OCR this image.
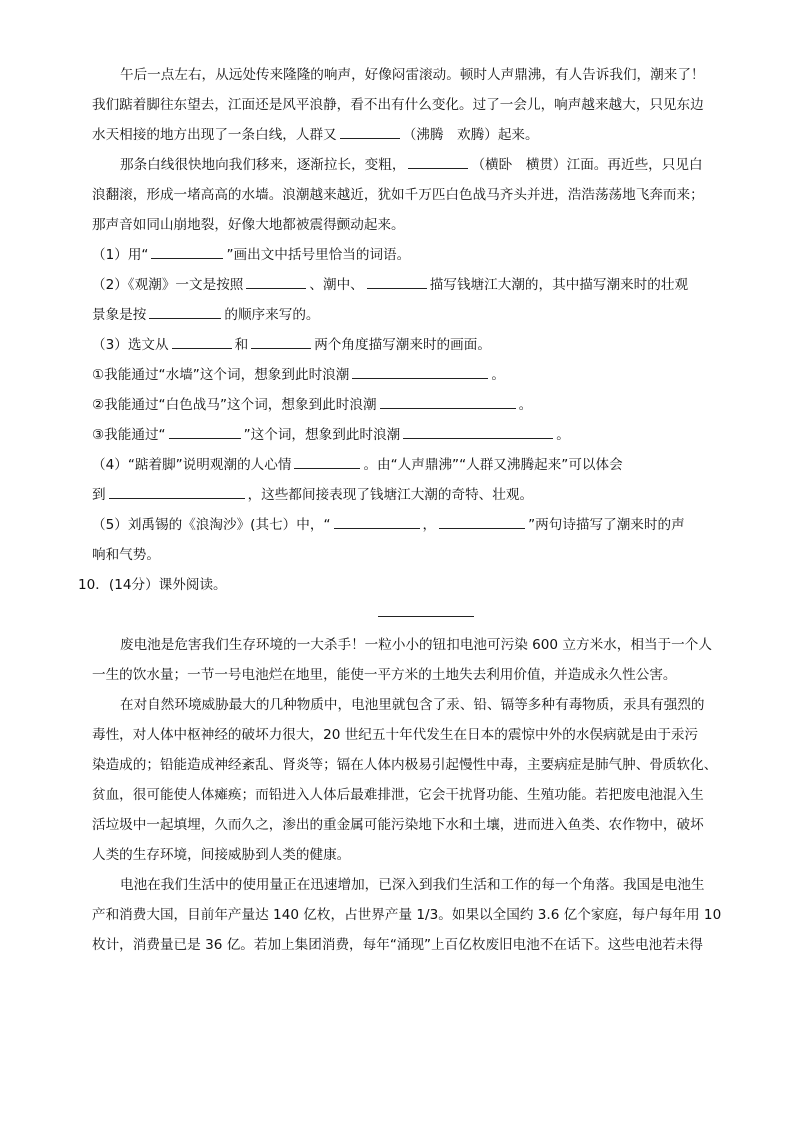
午后一点左右，从远处传来隆隆的响声，好像闷雷滚动。顿时人声鼎沸，有人告诉我们，潮来了！

我们踮着脚往东望去，江面还是风平浪静，看不出有什么变化。过了一会儿，响声越来越大，只见东边

水天相接的地方出现了一条白线，人群又	（沸腾　欢腾）起来。

那条白线很快地向我们移来，逐渐拉长，变粗，	（横卧　横贯）江面。再近些，只见白

浪翻滚，形成一堵高高的水墙。浪潮越来越近，犹如千万匹白色战马齐头并进，浩浩荡荡地飞奔而来；

那声音如同山崩地裂，好像大地都被震得颤动起来。

（1）用“	”画出文中括号里恰当的词语。

（2）《观潮》一文是按照	、潮中、	描写钱塘江大潮的，其中描写潮来时的壮观

景象是按	的顺序来写的。

（3）选文从	和	两个角度描写潮来时的画面。

①我能通过“水墙”这个词，想象到此时浪潮	。

②我能通过“白色战马”这个词，想象到此时浪潮	。

③我能通过“	”这个词，想象到此时浪潮	。

（4）“踮着脚”说明观潮的人心情	。由“人声鼎沸”“人群又沸腾起来”可以体会

到	，这些都间接表现了钱塘江大潮的奇特、壮观。

（5）刘禹锡的《浪淘沙》(其七）中，“	，	”两句诗描写了潮来时的声

响和气势。

10．(14分）课外阅读。

废电池是危害我们生存环境的一大杀手！一粒小小的钮扣电池可污染 600 立方米水，相当于一个人

一生的饮水量；一节一号电池烂在地里，能使一平方米的土地失去利用价值，并造成永久性公害。

在对自然环境威胁最大的几种物质中，电池里就包含了汞、铅、镉等多种有毒物质，汞具有强烈的

毒性，对人体中枢神经的破坏力很大，20 世纪五十年代发生在日本的震惊中外的水俣病就是由于汞污

染造成的；铅能造成神经紊乱、肾炎等；镉在人体内极易引起慢性中毒，主要病症是肺气肿、骨质软化、

贫血，很可能使人体瘫痪；而铅进入人体后最难排泄，它会干扰肾功能、生殖功能。若把废电池混入生

活垃圾中一起填埋，久而久之，渗出的重金属可能污染地下水和土壤，进而进入鱼类、农作物中，破坏

人类的生存环境，间接威胁到人类的健康。

电池在我们生活中的使用量正在迅速增加，已深入到我们生活和工作的每一个角落。我国是电池生

产和消费大国，目前年产量达 140 亿枚，占世界产量 1/3。如果以全国约 3.6 亿个家庭，每户每年用 10

枚计，消费量已是 36 亿。若加上集团消费，每年“涌现”上百亿枚废旧电池不在话下。这些电池若未得
